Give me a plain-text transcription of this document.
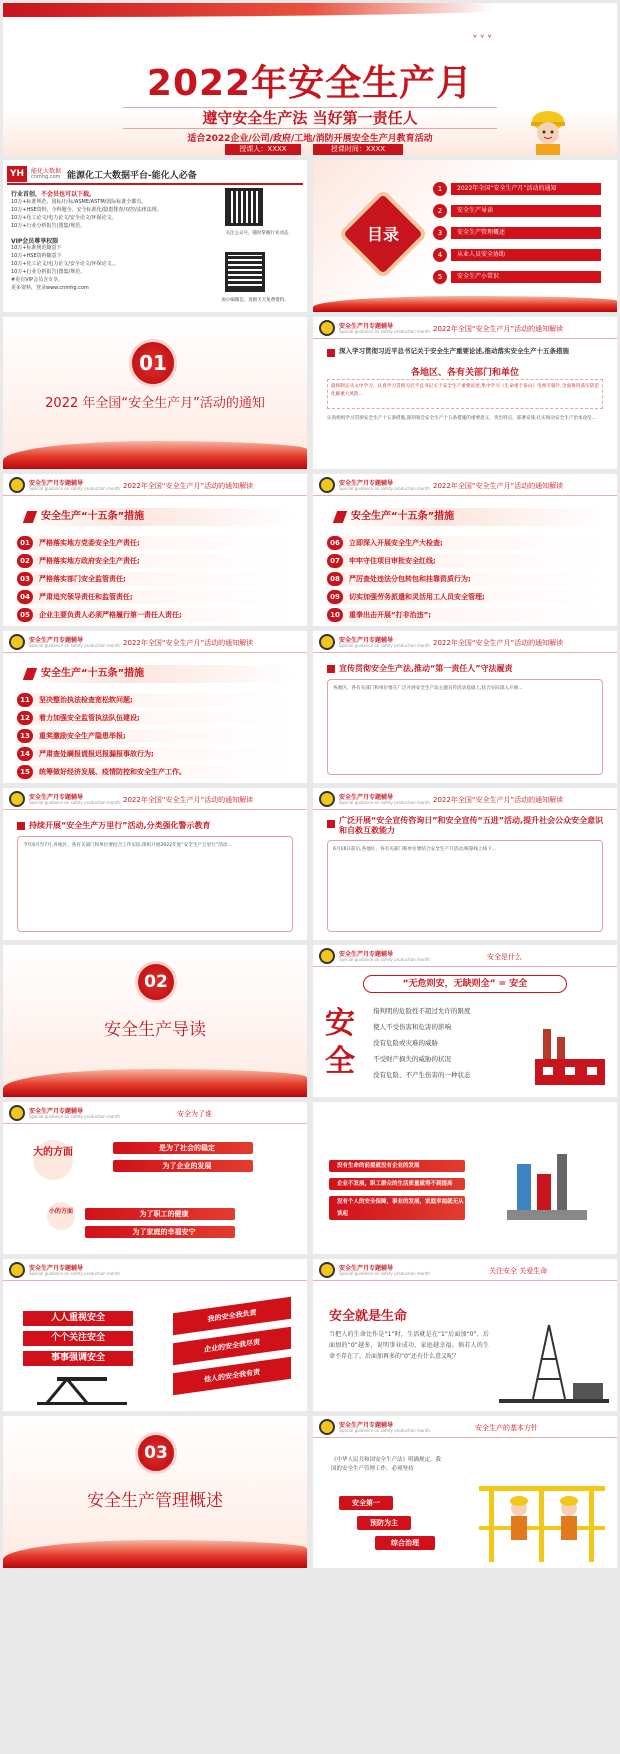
2022年安全生产月
遵守安全生产法 当好第一责任人
适合2022企业/公司/政府/工地/消防开展安全生产月教育活动
授课人：XXXX	授课时间：XXXX
ᵛ ᵛ ᵛ
YH	能化大数据
cnmhg.com 能源化工大数据平台-能化人必备
行业首创，不会员也可以下载。
10万+标准规范、国标/行标/ASME/ASTM/国际标准全都有。
10万+HSE资料，全科题全、安全标准化/隐患排查/双控/法律法规。
10万+化工论文/电力论文/安全论文/环保论文。
10万+行业分析报告(图集/规范。
VIP会员尊享权限
10万+标准规范随意下
10万+HSE资料随意下
10万+化工论文/电力论文/安全论文/环保论文。。
10万+行业分析报告(图集/规范。
#更有VIP会员含专享。
更多资料，登录www.cnmhg.com
关注公众号，随时掌握行业动态
加小编微信，进群天天免费资料。
目录
1	2022年全国“安全生产月”活动的通知
2	安全生产导读
3	安全生产管理概述
4	从业人员安全协助
5	安全生产小常识
01
2022 年全国“安全生产月”活动的通知
安全生产月专题辅导
Special guidance on safety production month 2022年全国“安全生产月”活动的通知解读
深入学习贯彻习近平总书记关于安全生产重要论述,推动落实安全生产十五条措施
各地区、各有关部门和单位
最终制定从文中学习，认真学习贯彻习近平总书记关于安全生产重要论述,集中学习《生命重于泰山》电视专题片,全面推进落实防范化解重大风险...
认真组织学习贯彻安全生产十五条措施,深刻领会安全生产十五条措施的重要意义、突出特点、部署安排,扎实推动安全生产治本攻坚...
安全生产月专题辅导
Special guidance on safety production month 2022年全国“安全生产月”活动的通知解读
安全生产“十五条”措施
01	严格落实地方党委安全生产责任;
02	严格落实地方政府安全生产责任;
03	严格落实部门安全监管责任;
04	严肃追究领导责任和监管责任;
05	企业主要负责人必须严格履行第一责任人责任;
安全生产月专题辅导
Special guidance on safety production month 2022年全国“安全生产月”活动的通知解读
安全生产“十五条”措施
06	立即深入开展安全生产大检查;
07	牢牢守住项目审批安全红线;
08	严厉查处违法分包转包和挂靠资质行为;
09	切实加强劳务派遣和灵活用工人员安全管理;
10	重拳出击开展“打非治违”;
安全生产月专题辅导
Special guidance on safety production month 2022年全国“安全生产月”活动的通知解读
安全生产“十五条”措施
11	坚决整治执法检查宽松软问题;
12	着力加强安全监管执法队伍建设;
13	重奖激励安全生产隐患举报;
14	严肃查处瞒报谎报迟报漏报事故行为;
15	统筹做好经济发展、疫情防控和安全生产工作。
安全生产月专题辅导
Special guidance on safety production month 2022年全国“安全生产月”活动的通知解读
宣传贯彻安全生产法,推动“第一责任人”守法履责
各地区、各有关部门和单位要在广泛开展安全生产法主题宣传活动基础上,结合实际深入开展...
安全生产月专题辅导
Special guidance on safety production month 2022年全国“安全生产月”活动的通知解读
持续开展“安全生产万里行”活动,分类强化警示教育
今年6月至7月,各地区、各有关部门和单位要结合工作实际,组织开展2022年度“安全生产万里行”活动...
安全生产月专题辅导
Special guidance on safety production month 2022年全国“安全生产月”活动的通知解读
广泛开展“安全宣传咨询日”和安全宣传“五进”活动,提升社会公众安全意识和自救互救能力
6月16日前后,各地区、各有关部门和单位要结合安全生产月活动,统筹线上线下...
02
安全生产导读
安全生产月专题辅导
Special guidance on safety production month	安全是什么
“无危则安，无缺则全” = 安全
安全
指判明的危险性不超过允许的限度
使人不受伤害和危害的影响
没有危险或灾难的威胁
不受财产损失的威胁的状况
没有危险、不产生伤害的一种状态
安全生产月专题辅导
Special guidance on safety production month	安全为了谁
大的方面	是为了社会的稳定
为了企业的发展
小的方面	为了职工的健康
为了家庭的幸福安宁
没有生命的前提就没有企业的发展
企业不发展，职工群众的生活质量就得不到提高
没有个人的安全保障，事业的发展，家庭幸福就无从谈起
安全生产月专题辅导
Special guidance on safety production month
人人重视安全
个个关注安全
事事强调安全
我的安全我负责
企业的安全我尽责
他人的安全我有责
安全生产月专题辅导
Special guidance on safety production month	关注安全 关爱生命
安全就是生命
当把人的生命比作是“1”时，生活就是在“1”后面加“0”，后面加的“0”越多，说明事业成功、家庭越幸福。倘若人的生命不存在了，后面加再多的“0”还有什么意义呢？
03
安全生产管理概述
安全生产月专题辅导
Special guidance on safety production month	安全生产的基本方针
《中华人民共和国安全生产法》明确规定，我国的安全生产管理工作，必须坚持
安全第一
预防为主
综合治理
